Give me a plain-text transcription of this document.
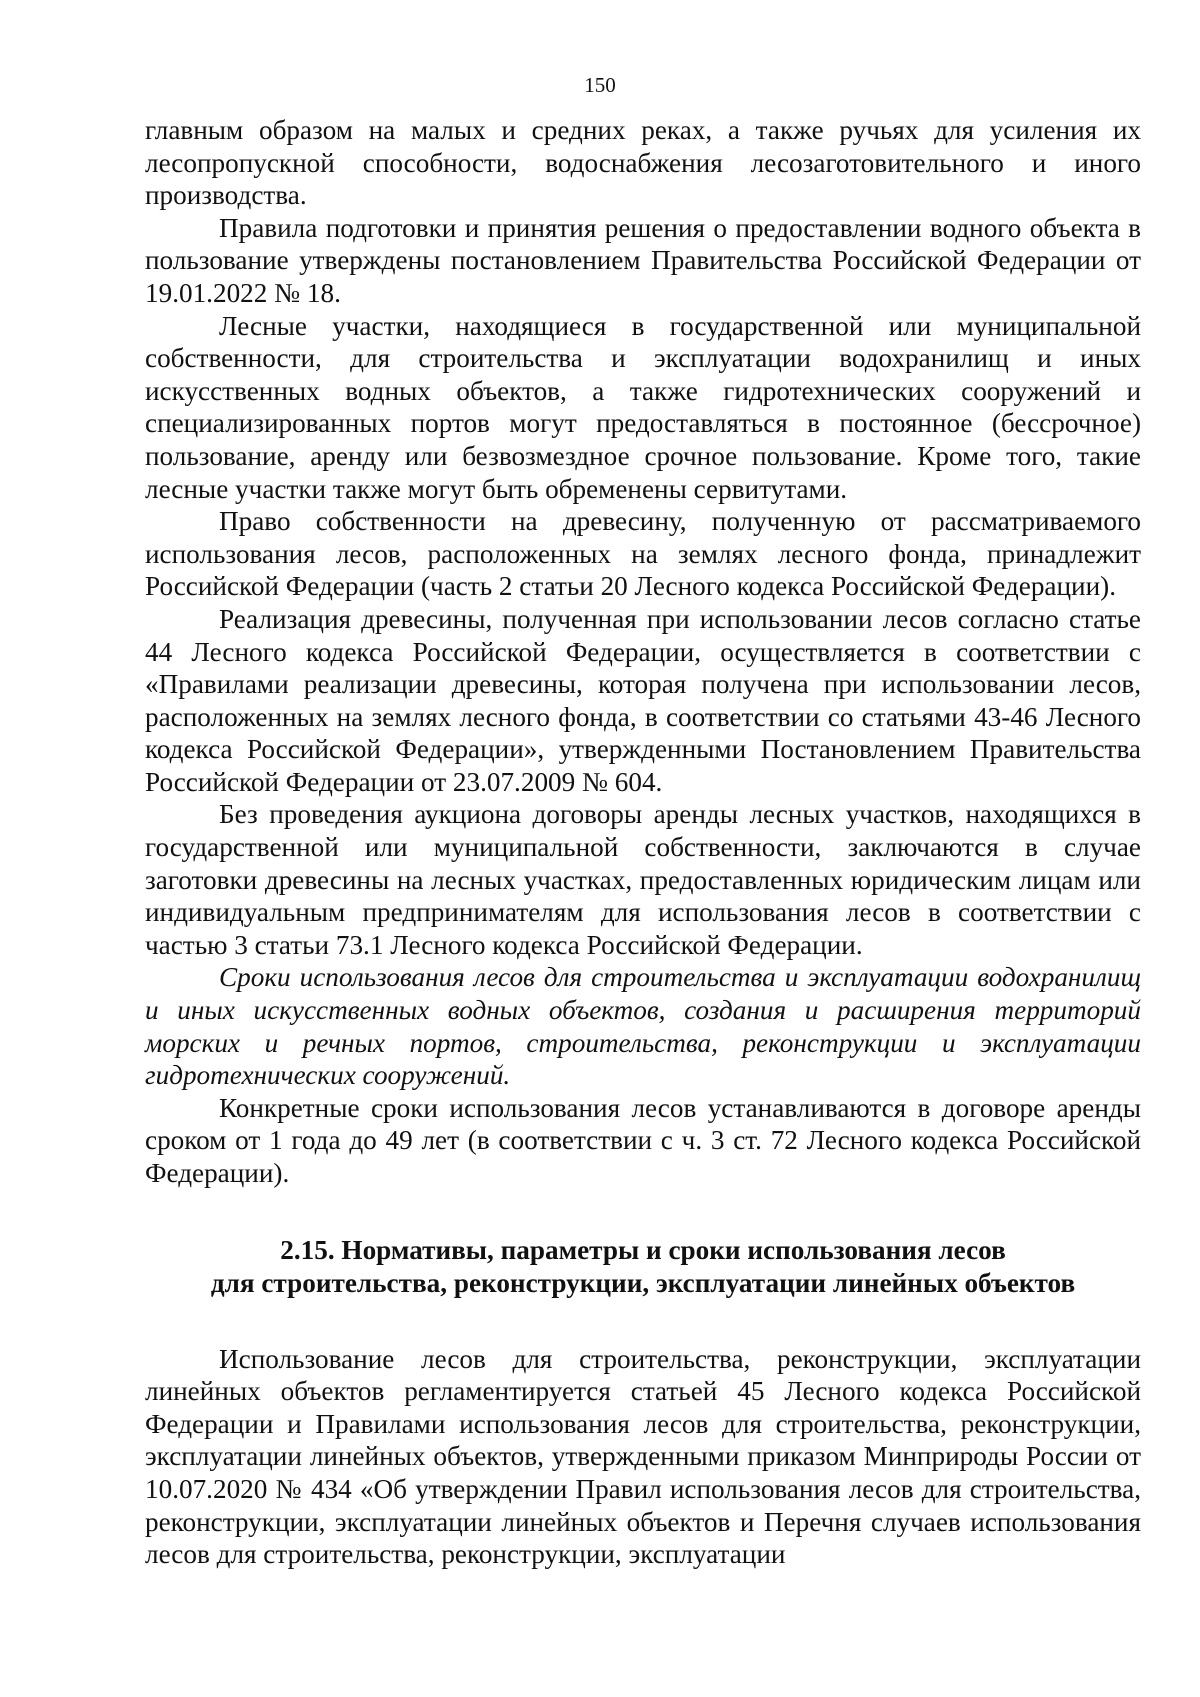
150

главным образом на малых и средних реках, а также ручьях для усиления их лесопропускной способности, водоснабжения лесозаготовительного и иного производства.

Правила подготовки и принятия решения о предоставлении водного объекта в пользование утверждены постановлением Правительства Российской Федерации от 19.01.2022 № 18.

Лесные участки, находящиеся в государственной или муниципальной собственности, для строительства и эксплуатации водохранилищ и иных искусственных водных объектов, а также гидротехнических сооружений и специализированных портов могут предоставляться в постоянное (бессрочное) пользование, аренду или безвозмездное срочное пользование. Кроме того, такие лесные участки также могут быть обременены сервитутами.

Право собственности на древесину, полученную от рассматриваемого использования лесов, расположенных на землях лесного фонда, принадлежит Российской Федерации (часть 2 статьи 20 Лесного кодекса Российской Федерации).

Реализация древесины, полученная при использовании лесов согласно статье 44 Лесного кодекса Российской Федерации, осуществляется в соответствии с «Правилами реализации древесины, которая получена при использовании лесов, расположенных на землях лесного фонда, в соответствии со статьями 43-46 Лесного кодекса Российской Федерации», утвержденными Постановлением Правительства Российской Федерации от 23.07.2009 № 604.

Без проведения аукциона договоры аренды лесных участков, находящихся в государственной или муниципальной собственности, заключаются в случае заготовки древесины на лесных участках, предоставленных юридическим лицам или индивидуальным предпринимателям для использования лесов в соответствии с частью 3 статьи 73.1 Лесного кодекса Российской Федерации.

Сроки использования лесов для строительства и эксплуатации водохранилищ и иных искусственных водных объектов, создания и расширения территорий морских и речных портов, строительства, реконструкции и эксплуатации гидротехнических сооружений.

Конкретные сроки использования лесов устанавливаются в договоре аренды сроком от 1 года до 49 лет (в соответствии с ч. 3 ст. 72 Лесного кодекса Российской Федерации).

2.15. Нормативы, параметры и сроки использования лесов
для строительства, реконструкции, эксплуатации линейных объектов

Использование лесов для строительства, реконструкции, эксплуатации линейных объектов регламентируется статьей 45 Лесного кодекса Российской Федерации и Правилами использования лесов для строительства, реконструкции, эксплуатации линейных объектов, утвержденными приказом Минприроды России от 10.07.2020 № 434 «Об утверждении Правил использования лесов для строительства, реконструкции, эксплуатации линейных объектов и Перечня случаев использования лесов для строительства, реконструкции, эксплуатации
